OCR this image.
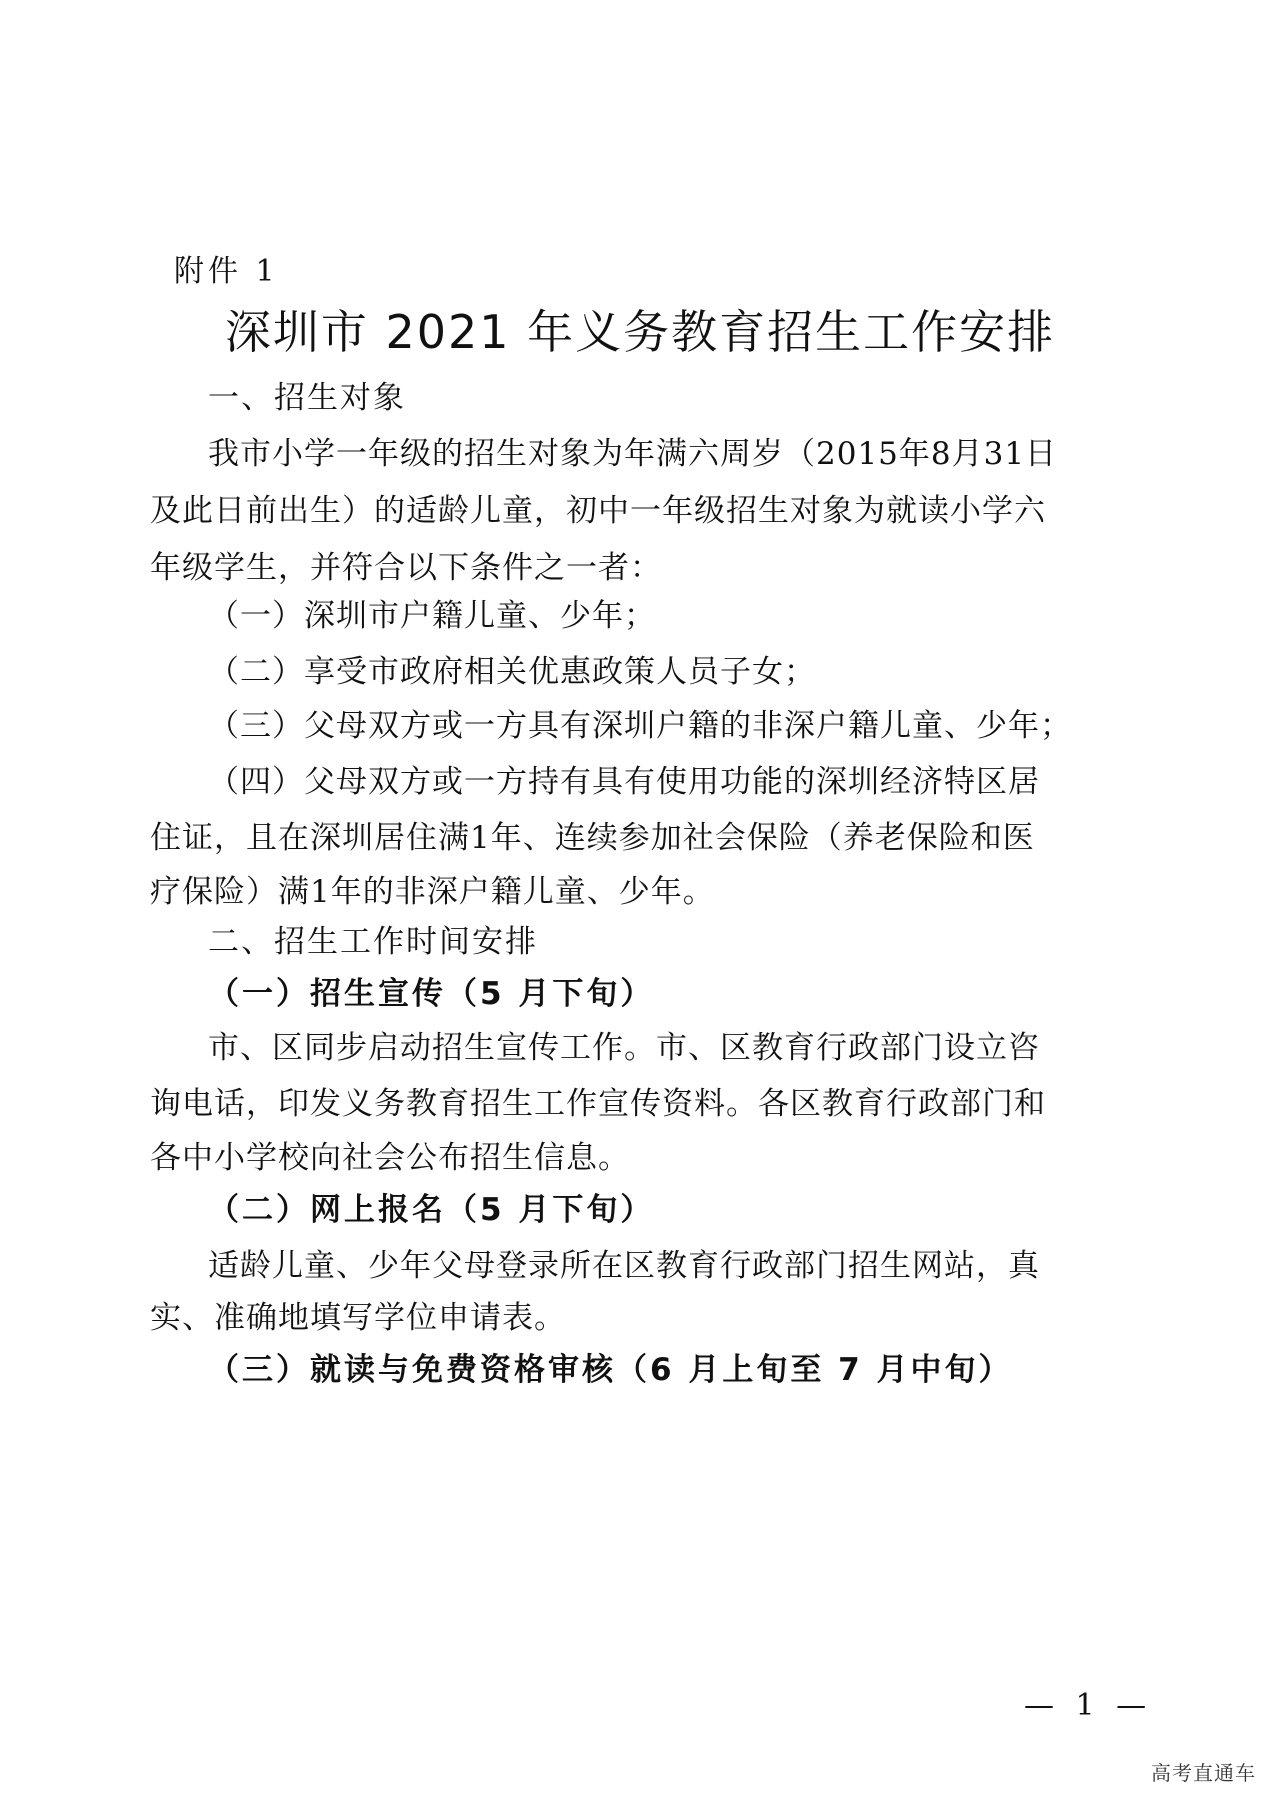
附件 1
深圳市 2021 年义务教育招生工作安排
一、招生对象
我市小学一年级的招生对象为年满六周岁（2015年8月31日
及此日前出生）的适龄儿童，初中一年级招生对象为就读小学六
年级学生，并符合以下条件之一者：
（一）深圳市户籍儿童、少年；
（二）享受市政府相关优惠政策人员子女；
（三）父母双方或一方具有深圳户籍的非深户籍儿童、少年；
（四）父母双方或一方持有具有使用功能的深圳经济特区居
住证，且在深圳居住满1年、连续参加社会保险（养老保险和医
疗保险）满1年的非深户籍儿童、少年。
二、招生工作时间安排
（一）招生宣传（5 月下旬）
市、区同步启动招生宣传工作。市、区教育行政部门设立咨
询电话，印发义务教育招生工作宣传资料。各区教育行政部门和
各中小学校向社会公布招生信息。
（二）网上报名（5 月下旬）
适龄儿童、少年父母登录所在区教育行政部门招生网站，真
实、准确地填写学位申请表。
（三）就读与免费资格审核（6 月上旬至 7 月中旬）
— 1 —
高考直通车
